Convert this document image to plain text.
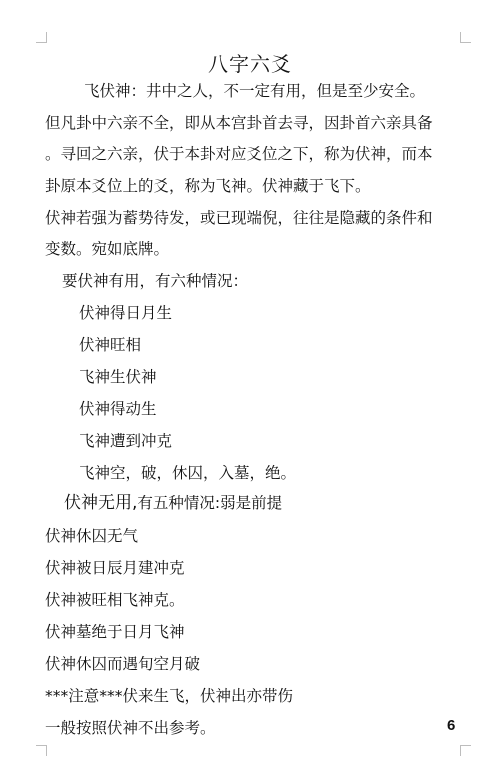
八字六爻
飞伏神：井中之人，不一定有用，但是至少安全。
但凡卦中六亲不全，即从本宫卦首去寻，因卦首六亲具备
。寻回之六亲，伏于本卦对应爻位之下，称为伏神，而本
卦原本爻位上的爻，称为飞神。伏神藏于飞下。
伏神若强为蓄势待发，或已现端倪，往往是隐藏的条件和
变数。宛如底牌。
要伏神有用，有六种情况：
伏神得日月生
伏神旺相
飞神生伏神
伏神得动生
飞神遭到冲克
飞神空，破，休囚，入墓，绝。
伏神无用,有五种情况:弱是前提
伏神休囚无气
伏神被日辰月建冲克
伏神被旺相飞神克。
伏神墓绝于日月飞神
伏神休囚而遇旬空月破
***注意***伏来生飞，伏神出亦带伤
一般按照伏神不出参考。	6
